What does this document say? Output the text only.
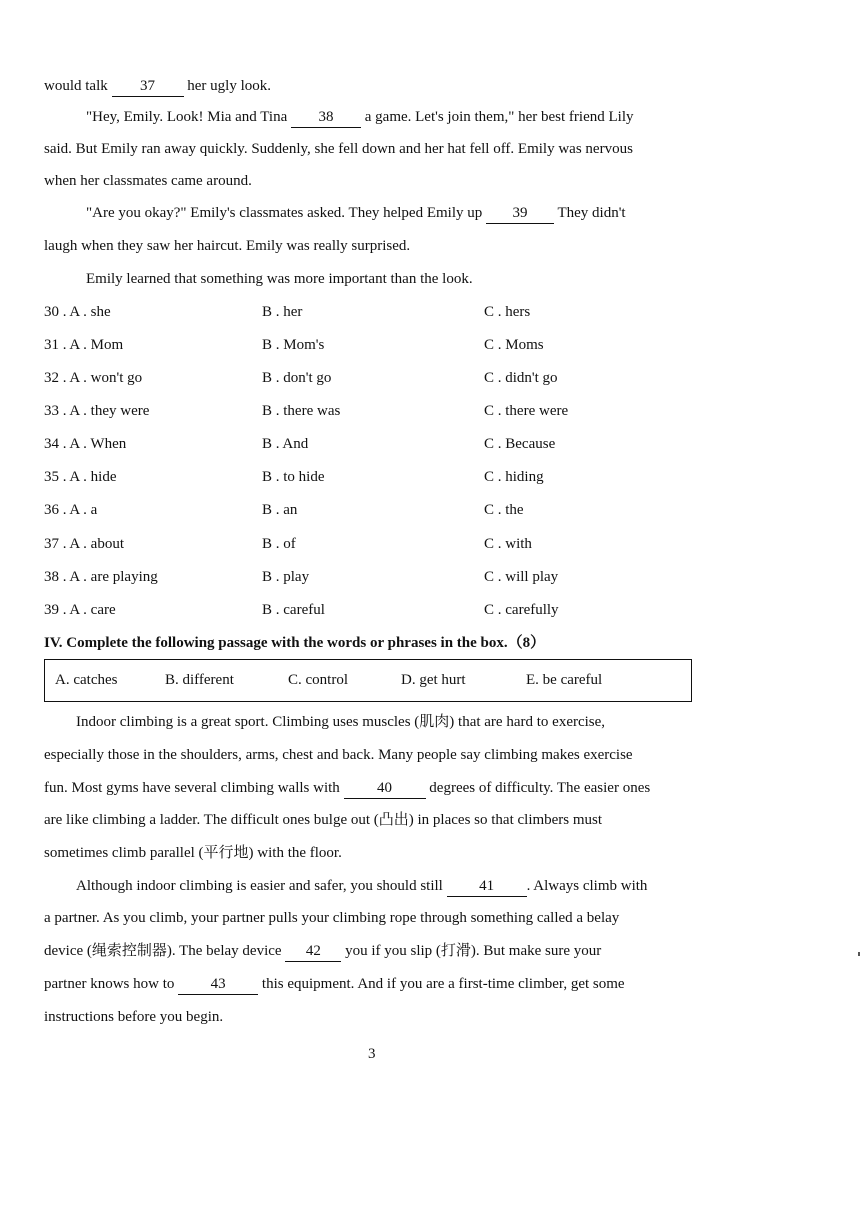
would talk 37 her ugly look.
"Hey, Emily. Look! Mia and Tina 38 a game. Let's join them," her best friend Lily
said. But Emily ran away quickly. Suddenly, she fell down and her hat fell off. Emily was nervous
when her classmates came around.
"Are you okay?" Emily's classmates asked. They helped Emily up 39 They didn't
laugh when they saw her haircut. Emily was really surprised.
Emily learned that something was more important than the look.
30 . A . she	B . her	C . hers
31 . A . Mom	B . Mom's	C . Moms
32 . A . won't go	B . don't go	C . didn't go
33 . A . they were	B . there was	C . there were
34 . A . When	B . And	C . Because
35 . A . hide	B . to hide	C . hiding
36 . A . a	B . an	C . the
37 . A . about	B . of	C . with
38 . A . are playing	B . play	C . will play
39 . A . care	B . careful	C . carefully
IV. Complete the following passage with the words or phrases in the box.（8）
A. catches	B. different	C. control	D. get hurt	E. be careful
Indoor climbing is a great sport. Climbing uses muscles (肌肉) that are hard to exercise,
especially those in the shoulders, arms, chest and back. Many people say climbing makes exercise
fun. Most gyms have several climbing walls with 40 degrees of difficulty. The easier ones
are like climbing a ladder. The difficult ones bulge out (凸出) in places so that climbers must
sometimes climb parallel (平行地) with the floor.
Although indoor climbing is easier and safer, you should still 41 . Always climb with
a partner. As you climb, your partner pulls your climbing rope through something called a belay
device (绳索控制器). The belay device 42 you if you slip (打滑). But make sure your
partner knows how to 43 this equipment. And if you are a first-time climber, get some
instructions before you begin.
3
